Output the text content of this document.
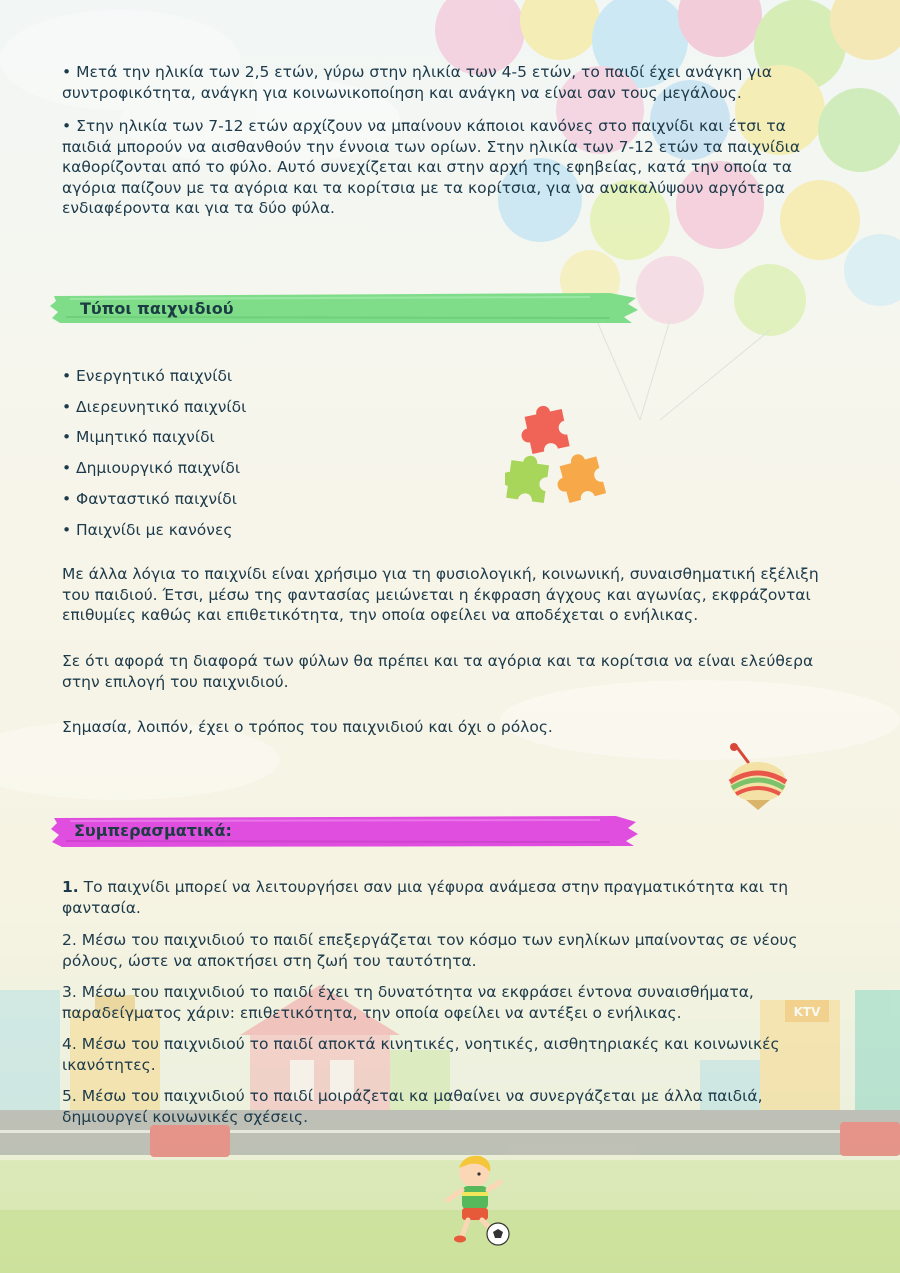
KTV

• Μετά την ηλικία των 2,5 ετών, γύρω στην ηλικία των 4-5 ετών, το παιδί έχει ανάγκη για συντροφικότητα, ανάγκη για κοινωνικοποίηση και ανάγκη να είναι σαν τους μεγάλους.

• Στην ηλικία των 7-12 ετών αρχίζουν να μπαίνουν κάποιοι κανόνες στο παιχνίδι και έτσι τα παιδιά μπορούν να αισθανθούν την έννοια των ορίων. Στην ηλικία των 7-12 ετών τα παιχνίδια καθορίζονται από το φύλο. Αυτό συνεχίζεται και στην αρχή της εφηβείας, κατά την οποία τα αγόρια παίζουν με τα αγόρια και τα κορίτσια με τα κορίτσια, για να ανακαλύψουν αργότερα ενδιαφέροντα και για τα δύο φύλα.

Τύποι παιχνιδιού
• Ενεργητικό παιχνίδι
• Διερευνητικό παιχνίδι
• Μιμητικό παιχνίδι
• Δημιουργικό παιχνίδι
• Φανταστικό παιχνίδι
• Παιχνίδι με κανόνες

Με άλλα λόγια το παιχνίδι είναι χρήσιμο για τη φυσιολογική, κοινωνική, συναισθηματική εξέλιξη του παιδιού. Έτσι, μέσω της φαντασίας μειώνεται η έκφραση άγχους και αγωνίας, εκφράζονται επιθυμίες καθώς και επιθετικότητα, την οποία οφείλει να αποδέχεται ο ενήλικας.

Σε ότι αφορά τη διαφορά των φύλων θα πρέπει και τα αγόρια και τα κορίτσια να είναι ελεύθερα στην επιλογή του παιχνιδιού.

Σημασία, λοιπόν, έχει ο τρόπος του παιχνιδιού και όχι ο ρόλος.

Συμπερασματικά:

1. Το παιχνίδι μπορεί να λειτουργήσει σαν μια γέφυρα ανάμεσα στην πραγματικότητα και τη φαντασία.

2. Μέσω του παιχνιδιού το παιδί επεξεργάζεται τον κόσμο των ενηλίκων μπαίνοντας σε νέους ρόλους, ώστε να αποκτήσει στη ζωή του ταυτότητα.

3. Μέσω του παιχνιδιού το παιδί έχει τη δυνατότητα να εκφράσει έντονα συναισθήματα, παραδείγματος χάριν: επιθετικότητα, την οποία οφείλει να αντέξει ο ενήλικας.

4. Μέσω του παιχνιδιού το παιδί αποκτά κινητικές, νοητικές, αισθητηριακές και κοινωνικές ικανότητες.

5. Μέσω του παιχνιδιού το παιδί μοιράζεται κα μαθαίνει να συνεργάζεται με άλλα παιδιά, δημιουργεί κοινωνικές σχέσεις.
